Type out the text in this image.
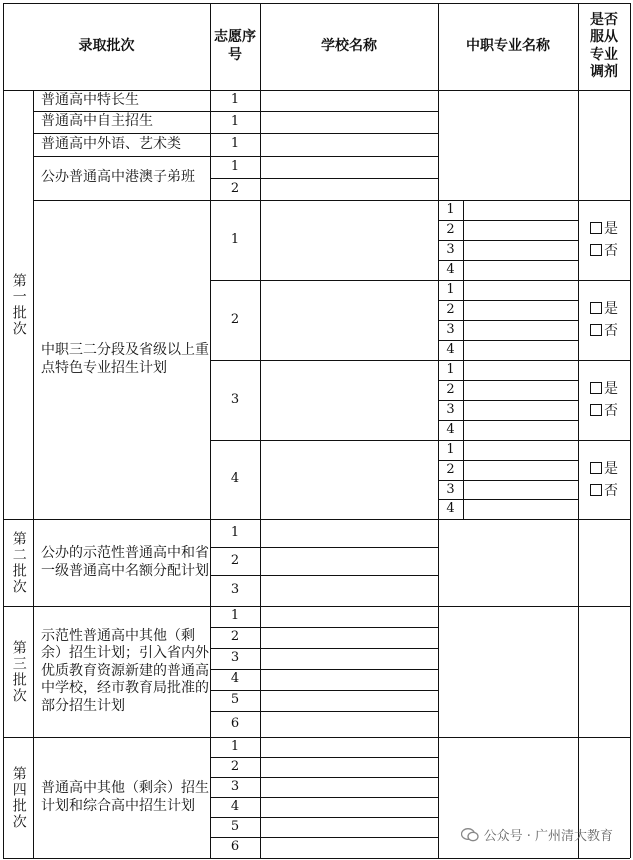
录取批次
志愿序号
学校名称	中职专业名称
是否服从专业调剂
第一批次
第二批次
第三批次
第四批次
普通高中特长生
普通高中自主招生
普通高中外语、艺术类
公办普通高中港澳子弟班
1
1
1
1
2
中职三二分段及省级以上重点特色专业招生计划
1
1
2
3
4
是
否
2
1
2
3
4
是
否
3
1
2
3
4
是
否
4
1
2
3
4
是
否
公办的示范性普通高中和省一级普通高中名额分配计划
1
2
3
示范性普通高中其他（剩余）招生计划；引入省内外优质教育资源新建的普通高中学校，经市教育局批准的部分招生计划
1
2
3
4
5
6
普通高中其他（剩余）招生计划和综合高中招生计划
1
2
3
4
5
6
公众号 · 广州清大教育
